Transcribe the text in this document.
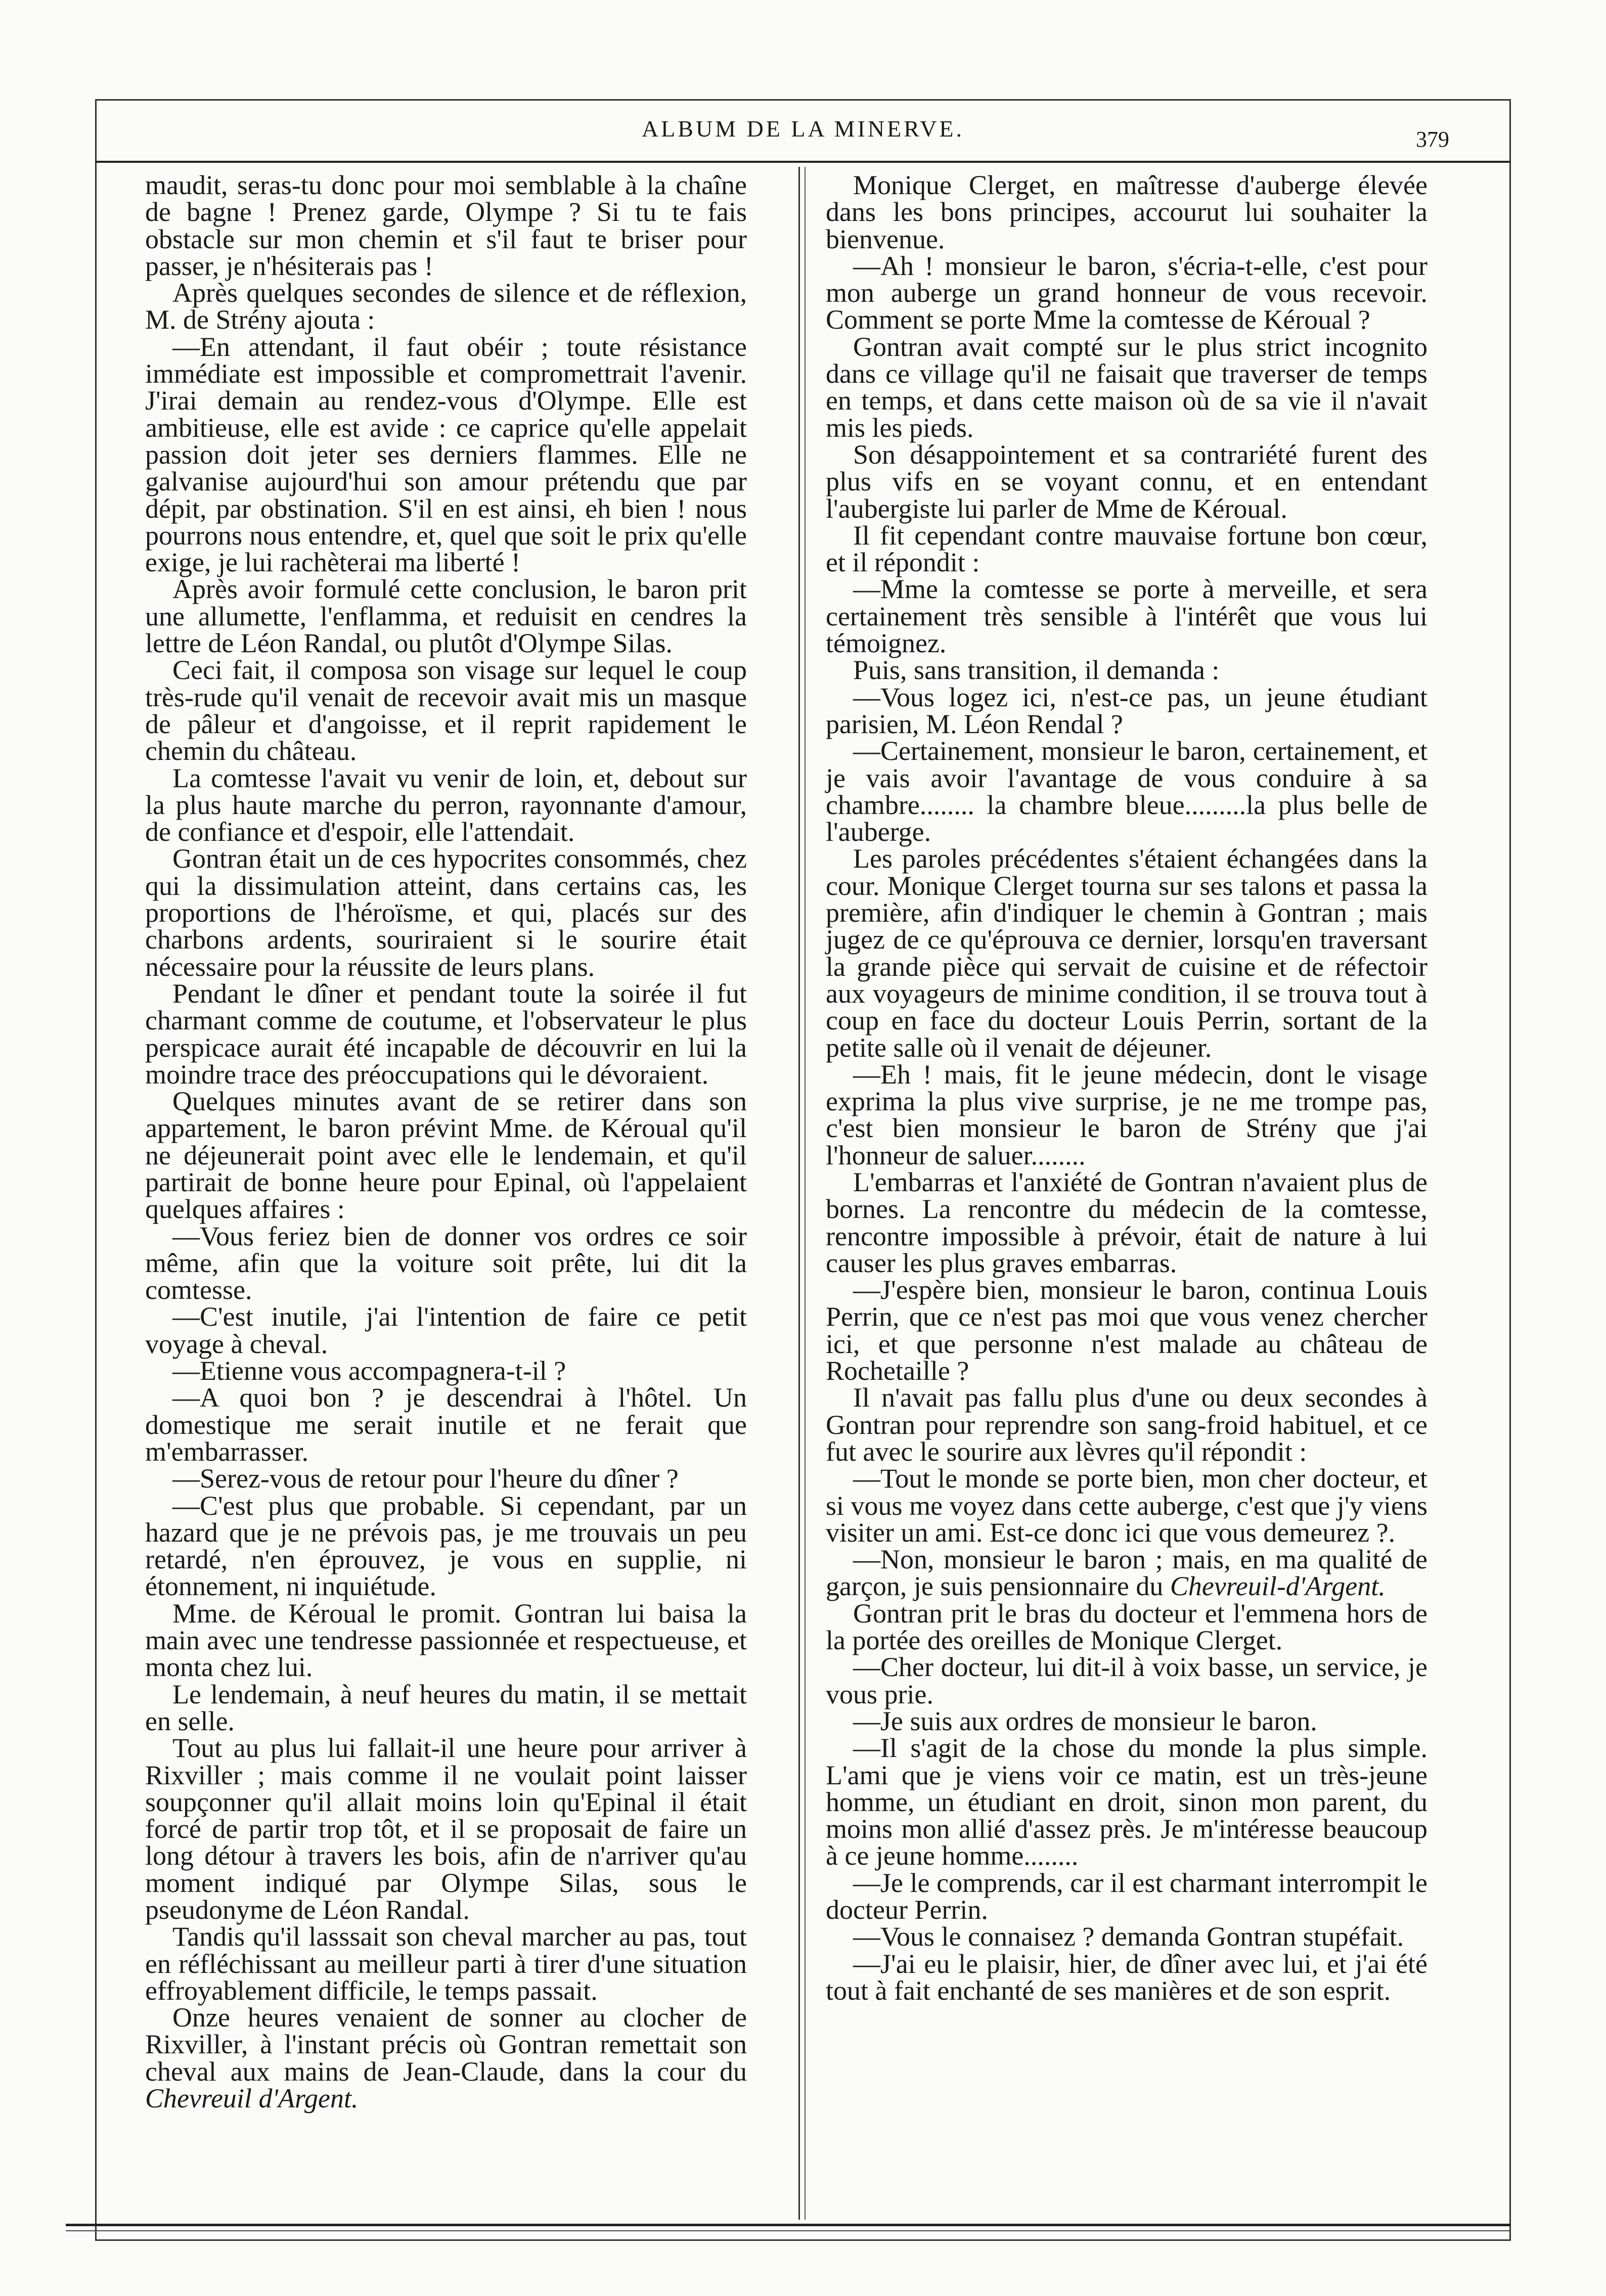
ALBUM DE LA MINERVE.	379

maudit, seras-tu donc pour moi semblable à la chaîne de bagne ! Prenez garde, Olympe ? Si tu te fais obstacle sur mon chemin et s'il faut te briser pour passer, je n'hésiterais pas !

Après quelques secondes de silence et de réflexion, M. de Strény ajouta :

—En attendant, il faut obéir ; toute résistance immédiate est impossible et compromettrait l'avenir. J'irai demain au rendez-vous d'Olympe. Elle est ambitieuse, elle est avide : ce caprice qu'elle appelait passion doit jeter ses derniers flammes. Elle ne galvanise aujourd'hui son amour prétendu que par dépit, par obstination. S'il en est ainsi, eh bien ! nous pourrons nous entendre, et, quel que soit le prix qu'elle exige, je lui rachèterai ma liberté !

Après avoir formulé cette conclusion, le baron prit une allumette, l'enflamma, et reduisit en cendres la lettre de Léon Randal, ou plutôt d'Olympe Silas.

Ceci fait, il composa son visage sur lequel le coup très-rude qu'il venait de recevoir avait mis un masque de pâleur et d'angoisse, et il reprit rapidement le chemin du château.

La comtesse l'avait vu venir de loin, et, debout sur la plus haute marche du perron, rayonnante d'amour, de confiance et d'espoir, elle l'attendait.

Gontran était un de ces hypocrites consommés, chez qui la dissimulation atteint, dans certains cas, les proportions de l'héroïsme, et qui, placés sur des charbons ardents, souriraient si le sourire était nécessaire pour la réussite de leurs plans.

Pendant le dîner et pendant toute la soirée il fut charmant comme de coutume, et l'observateur le plus perspicace aurait été incapable de découvrir en lui la moindre trace des préoccupations qui le dévoraient.

Quelques minutes avant de se retirer dans son appartement, le baron prévint Mme. de Kéroual qu'il ne déjeunerait point avec elle le lendemain, et qu'il partirait de bonne heure pour Epinal, où l'appelaient quelques affaires :

—Vous feriez bien de donner vos ordres ce soir même, afin que la voiture soit prête, lui dit la comtesse.

—C'est inutile, j'ai l'intention de faire ce petit voyage à cheval.

—Etienne vous accompagnera-t-il ?

—A quoi bon ? je descendrai à l'hôtel. Un domestique me serait inutile et ne ferait que m'embarrasser.

—Serez-vous de retour pour l'heure du dîner ?

—C'est plus que probable. Si cependant, par un hazard que je ne prévois pas, je me trouvais un peu retardé, n'en éprouvez, je vous en supplie, ni étonnement, ni inquiétude.

Mme. de Kéroual le promit. Gontran lui baisa la main avec une tendresse passionnée et respectueuse, et monta chez lui.

Le lendemain, à neuf heures du matin, il se mettait en selle.

Tout au plus lui fallait-il une heure pour arriver à Rixviller ; mais comme il ne voulait point laisser soupçonner qu'il allait moins loin qu'Epinal il était forcé de partir trop tôt, et il se proposait de faire un long détour à travers les bois, afin de n'arriver qu'au moment indiqué par Olympe Silas, sous le pseudonyme de Léon Randal.

Tandis qu'il lasssait son cheval marcher au pas, tout en réfléchissant au meilleur parti à tirer d'une situation effroyablement difficile, le temps passait.

Onze heures venaient de sonner au clocher de Rixviller, à l'instant précis où Gontran remettait son cheval aux mains de Jean-Claude, dans la cour du Chevreuil d'Argent.

Monique Clerget, en maîtresse d'auberge élevée dans les bons principes, accourut lui souhaiter la bienvenue.

—Ah ! monsieur le baron, s'écria-t-elle, c'est pour mon auberge un grand honneur de vous recevoir. Comment se porte Mme la comtesse de Kéroual ?

Gontran avait compté sur le plus strict incognito dans ce village qu'il ne faisait que traverser de temps en temps, et dans cette maison où de sa vie il n'avait mis les pieds.

Son désappointement et sa contrariété furent des plus vifs en se voyant connu, et en entendant l'aubergiste lui parler de Mme de Kéroual.

Il fit cependant contre mauvaise fortune bon cœur, et il répondit :

—Mme la comtesse se porte à merveille, et sera certainement très sensible à l'intérêt que vous lui témoignez.

Puis, sans transition, il demanda :

—Vous logez ici, n'est-ce pas, un jeune étudiant parisien, M. Léon Rendal ?

—Certainement, monsieur le baron, certainement, et je vais avoir l'avantage de vous conduire à sa chambre........ la chambre bleue.........la plus belle de l'auberge.

Les paroles précédentes s'étaient échangées dans la cour. Monique Clerget tourna sur ses talons et passa la première, afin d'indiquer le chemin à Gontran ; mais jugez de ce qu'éprouva ce dernier, lorsqu'en traversant la grande pièce qui servait de cuisine et de réfectoir aux voyageurs de minime condition, il se trouva tout à coup en face du docteur Louis Perrin, sortant de la petite salle où il venait de déjeuner.

—Eh ! mais, fit le jeune médecin, dont le visage exprima la plus vive surprise, je ne me trompe pas, c'est bien monsieur le baron de Strény que j'ai l'honneur de saluer........

L'embarras et l'anxiété de Gontran n'avaient plus de bornes. La rencontre du médecin de la comtesse, rencontre impossible à prévoir, était de nature à lui causer les plus graves embarras.

—J'espère bien, monsieur le baron, continua Louis Perrin, que ce n'est pas moi que vous venez chercher ici, et que personne n'est malade au château de Rochetaille ?

Il n'avait pas fallu plus d'une ou deux secondes à Gontran pour reprendre son sang-froid habituel, et ce fut avec le sourire aux lèvres qu'il répondit :

—Tout le monde se porte bien, mon cher docteur, et si vous me voyez dans cette auberge, c'est que j'y viens visiter un ami. Est-ce donc ici que vous demeurez ?.

—Non, monsieur le baron ; mais, en ma qualité de garçon, je suis pensionnaire du Chevreuil-d'Argent.

Gontran prit le bras du docteur et l'emmena hors de la portée des oreilles de Monique Clerget.

—Cher docteur, lui dit-il à voix basse, un service, je vous prie.

—Je suis aux ordres de monsieur le baron.

—Il s'agit de la chose du monde la plus simple. L'ami que je viens voir ce matin, est un très-jeune homme, un étudiant en droit, sinon mon parent, du moins mon allié d'assez près. Je m'intéresse beaucoup à ce jeune homme........

—Je le comprends, car il est charmant interrompit le docteur Perrin.

—Vous le connaisez ? demanda Gontran stupéfait.

—J'ai eu le plaisir, hier, de dîner avec lui, et j'ai été tout à fait enchanté de ses manières et de son esprit.
